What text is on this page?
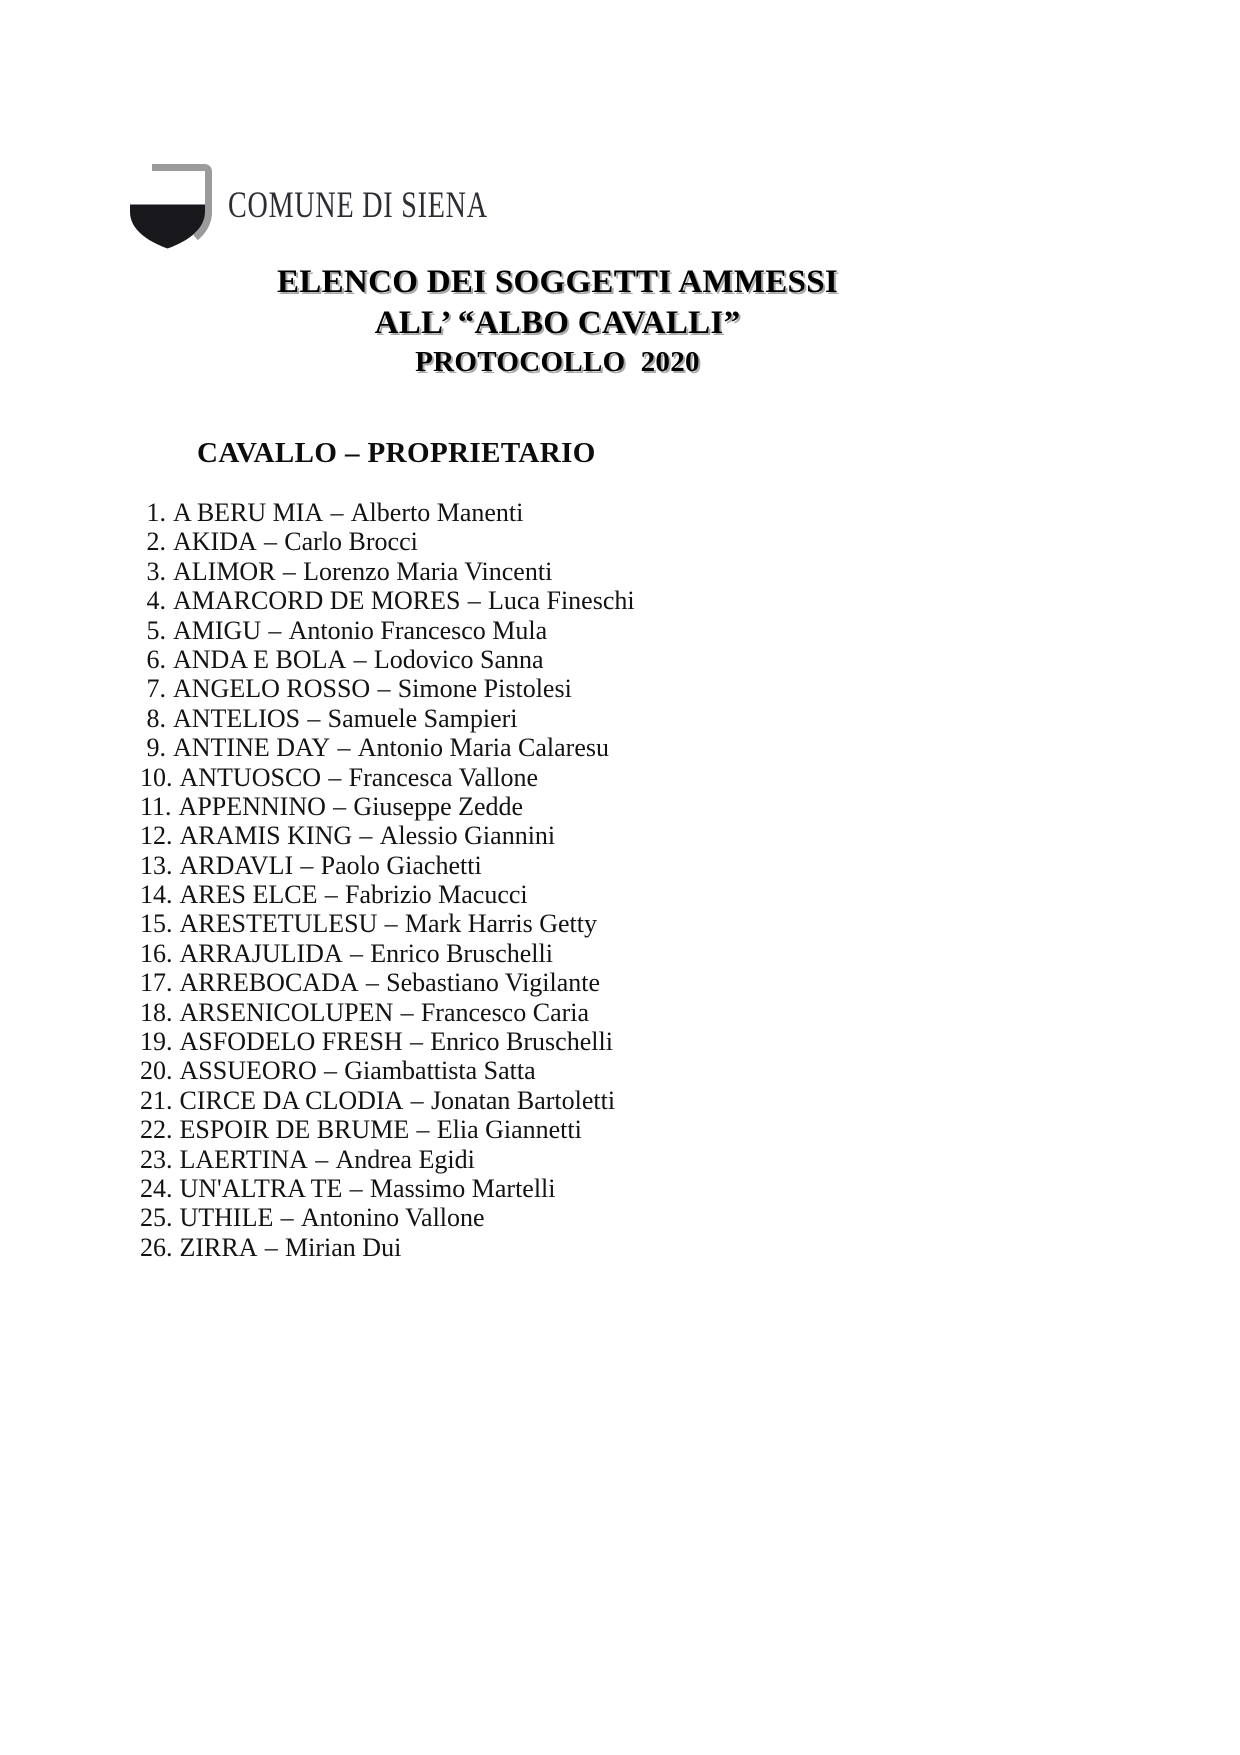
COMUNE DI SIENA
ELENCO DEI SOGGETTI AMMESSI
ALL’ “ALBO CAVALLI”
PROTOCOLLO  2020
CAVALLO – PROPRIETARIO
1. A BERU MIA – Alberto Manenti
2. AKIDA – Carlo Brocci
3. ALIMOR – Lorenzo Maria Vincenti
4. AMARCORD DE MORES – Luca Fineschi
5. AMIGU – Antonio Francesco Mula
6. ANDA E BOLA – Lodovico Sanna
7. ANGELO ROSSO – Simone Pistolesi
8. ANTELIOS – Samuele Sampieri
9. ANTINE DAY – Antonio Maria Calaresu
10. ANTUOSCO – Francesca Vallone
11. APPENNINO – Giuseppe Zedde
12. ARAMIS KING – Alessio Giannini
13. ARDAVLI – Paolo Giachetti
14. ARES ELCE – Fabrizio Macucci
15. ARESTETULESU – Mark Harris Getty
16. ARRAJULIDA – Enrico Bruschelli
17. ARREBOCADA – Sebastiano Vigilante
18. ARSENICOLUPEN – Francesco Caria
19. ASFODELO FRESH – Enrico Bruschelli
20. ASSUEORO – Giambattista Satta
21. CIRCE DA CLODIA – Jonatan Bartoletti
22. ESPOIR DE BRUME – Elia Giannetti
23. LAERTINA – Andrea Egidi
24. UN'ALTRA TE – Massimo Martelli
25. UTHILE – Antonino Vallone
26. ZIRRA – Mirian Dui
